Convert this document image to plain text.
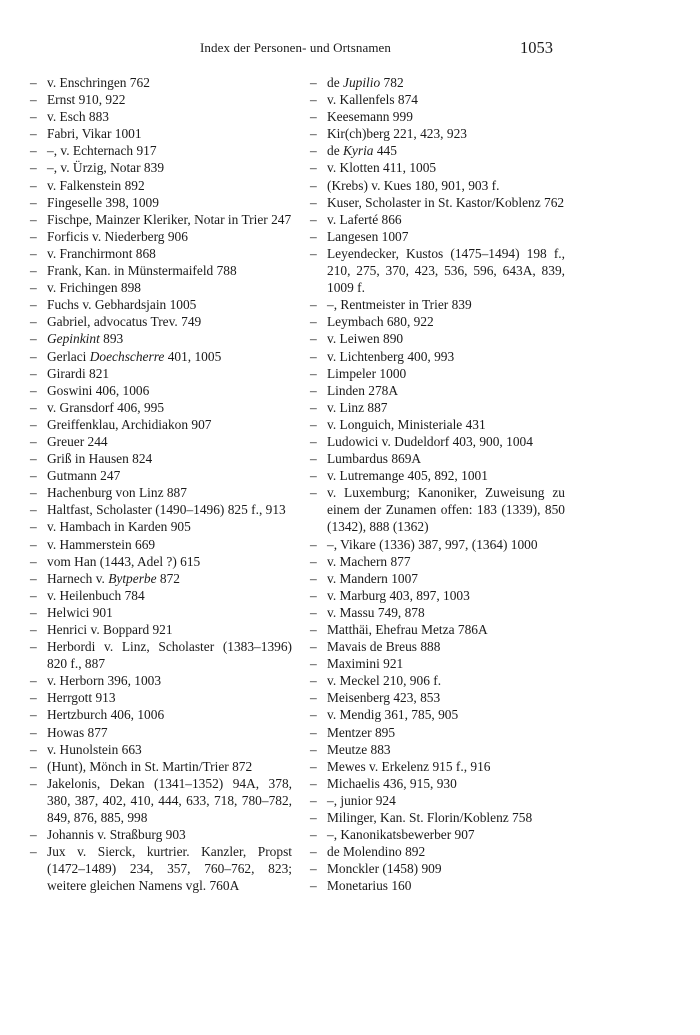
Index der Personen- und Ortsnamen	1053
– v. Enschringen 762
– Ernst 910, 922
– v. Esch 883
– Fabri, Vikar 1001
– –, v. Echternach 917
– –, v. Ürzig, Notar 839
– v. Falkenstein 892
– Fingeselle 398, 1009
– Fischpe, Mainzer Kleriker, Notar in Trier 247
– Forficis v. Niederberg 906
– v. Franchirmont 868
– Frank, Kan. in Münstermaifeld 788
– v. Frichingen 898
– Fuchs v. Gebhardsjain 1005
– Gabriel, advocatus Trev. 749
– Gepinkint 893
– Gerlaci Doechscherre 401, 1005
– Girardi 821
– Goswini 406, 1006
– v. Gransdorf 406, 995
– Greiffenklau, Archidiakon 907
– Greuer 244
– Griß in Hausen 824
– Gutmann 247
– Hachenburg von Linz 887
– Haltfast, Scholaster (1490–1496) 825 f., 913
– v. Hambach in Karden 905
– v. Hammerstein 669
– vom Han (1443, Adel ?) 615
– Harnech v. Bytperbe 872
– v. Heilenbuch 784
– Helwici 901
– Henrici v. Boppard 921
– Herbordi v. Linz, Scholaster (1383–1396) 820 f., 887
– v. Herborn 396, 1003
– Herrgott 913
– Hertzburch 406, 1006
– Howas 877
– v. Hunolstein 663
– (Hunt), Mönch in St. Martin/Trier 872
– Jakelonis, Dekan (1341–1352) 94A, 378, 380, 387, 402, 410, 444, 633, 718, 780–782, 849, 876, 885, 998
– Johannis v. Straßburg 903
– Jux v. Sierck, kurtrier. Kanzler, Propst (1472–1489) 234, 357, 760–762, 823; weitere gleichen Namens vgl. 760A
– de Jupilio 782
– v. Kallenfels 874
– Keesemann 999
– Kir(ch)berg 221, 423, 923
– de Kyria 445
– v. Klotten 411, 1005
– (Krebs) v. Kues 180, 901, 903 f.
– Kuser, Scholaster in St. Kastor/Koblenz 762
– v. Laferté 866
– Langesen 1007
– Leyendecker, Kustos (1475–1494) 198 f., 210, 275, 370, 423, 536, 596, 643A, 839, 1009 f.
– –, Rentmeister in Trier 839
– Leymbach 680, 922
– v. Leiwen 890
– v. Lichtenberg 400, 993
– Limpeler 1000
– Linden 278A
– v. Linz 887
– v. Longuich, Ministeriale 431
– Ludowici v. Dudeldorf 403, 900, 1004
– Lumbardus 869A
– v. Lutremange 405, 892, 1001
– v. Luxemburg; Kanoniker, Zuweisung zu einem der Zunamen offen: 183 (1339), 850 (1342), 888 (1362)
– –, Vikare (1336) 387, 997, (1364) 1000
– v. Machern 877
– v. Mandern 1007
– v. Marburg 403, 897, 1003
– v. Massu 749, 878
– Matthäi, Ehefrau Metza 786A
– Mavais de Breus 888
– Maximini 921
– v. Meckel 210, 906 f.
– Meisenberg 423, 853
– v. Mendig 361, 785, 905
– Mentzer 895
– Meutze 883
– Mewes v. Erkelenz 915 f., 916
– Michaelis 436, 915, 930
– –, junior 924
– Milinger, Kan. St. Florin/Koblenz 758
– –, Kanonikatsbewerber 907
– de Molendino 892
– Monckler (1458) 909
– Monetarius 160
